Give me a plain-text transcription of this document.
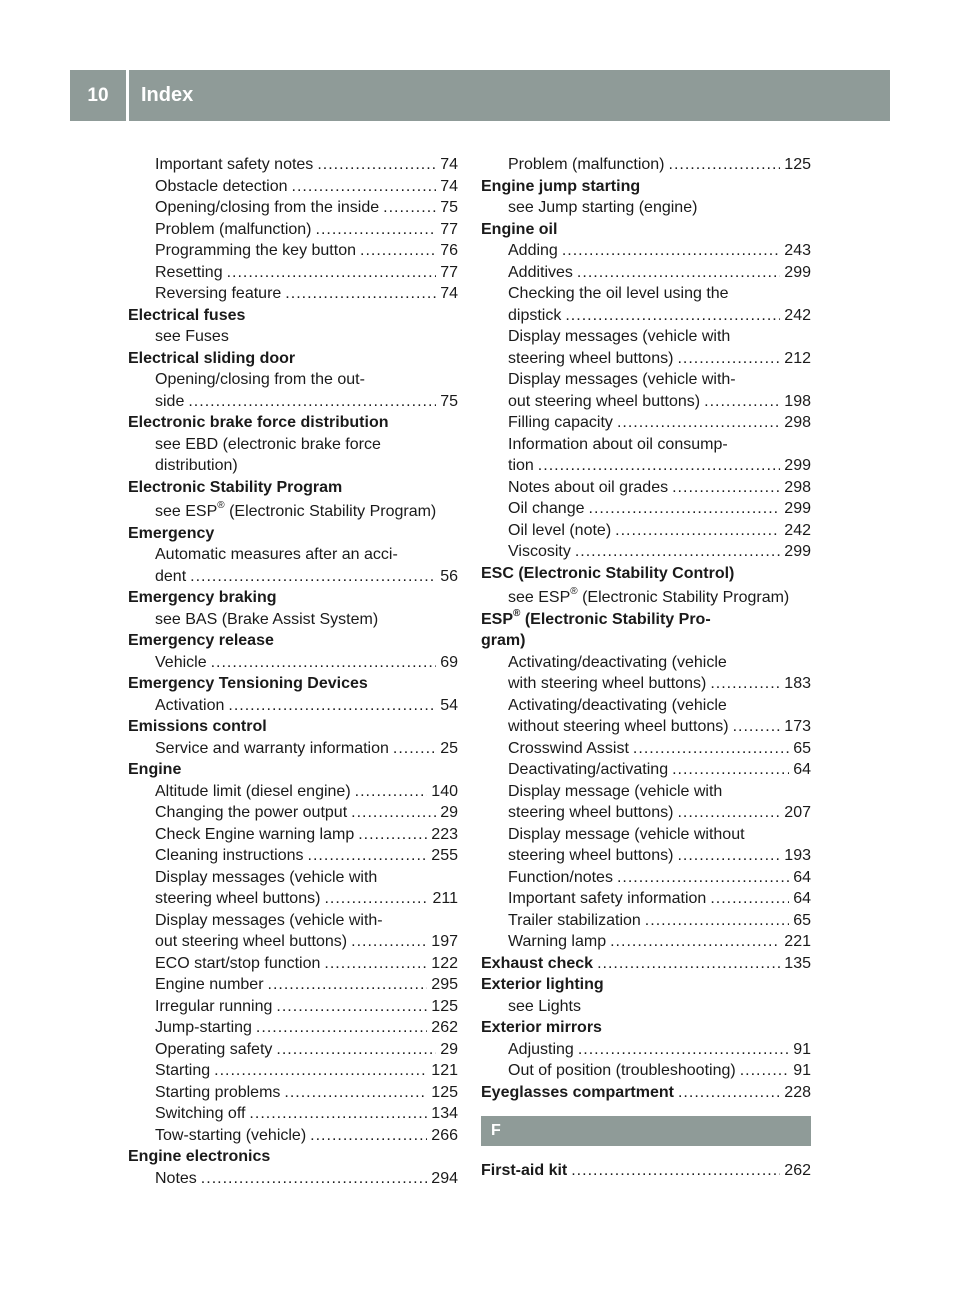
10	Index
Important safety notes .....	74
Obstacle detection .....	74
Opening/closing from the inside .....	75
Problem (malfunction) .....	77
Programming the key button .....	76
Resetting .....	77
Reversing feature .....	74
Electrical fuses
see Fuses
Electrical sliding door
Opening/closing from the out-
side .....	75
Electronic brake force distribution
see EBD (electronic brake force
distribution)
Electronic Stability Program
see ESP® (Electronic Stability Program)
Emergency
Automatic measures after an acci-
dent .....	56
Emergency braking
see BAS (Brake Assist System)
Emergency release
Vehicle .....	69
Emergency Tensioning Devices
Activation .....	54
Emissions control
Service and warranty information .....	25
Engine
Altitude limit (diesel engine) .....	140
Changing the power output .....	29
Check Engine warning lamp .....	223
Cleaning instructions .....	255
Display messages (vehicle with
steering wheel buttons) .....	211
Display messages (vehicle with-
out steering wheel buttons) .....	197
ECO start/stop function .....	122
Engine number .....	295
Irregular running .....	125
Jump-starting .....	262
Operating safety .....	29
Starting .....	121
Starting problems .....	125
Switching off .....	134
Tow-starting (vehicle) .....	266
Engine electronics
Notes .....	294
Problem (malfunction) .....	125
Engine jump starting
see Jump starting (engine)
Engine oil
Adding .....	243
Additives .....	299
Checking the oil level using the
dipstick .....	242
Display messages (vehicle with
steering wheel buttons) .....	212
Display messages (vehicle with-
out steering wheel buttons) .....	198
Filling capacity .....	298
Information about oil consump-
tion .....	299
Notes about oil grades .....	298
Oil change .....	299
Oil level (note) .....	242
Viscosity .....	299
ESC (Electronic Stability Control)
see ESP® (Electronic Stability Program)
ESP® (Electronic Stability Pro-
gram)
Activating/deactivating (vehicle
with steering wheel buttons) .....	183
Activating/deactivating (vehicle
without steering wheel buttons) .....	173
Crosswind Assist .....	65
Deactivating/activating .....	64
Display message (vehicle with
steering wheel buttons) .....	207
Display message (vehicle without
steering wheel buttons) .....	193
Function/notes .....	64
Important safety information .....	64
Trailer stabilization .....	65
Warning lamp .....	221
Exhaust check .....	135
Exterior lighting
see Lights
Exterior mirrors
Adjusting .....	91
Out of position (troubleshooting) .....	91
Eyeglasses compartment .....	228
F
First-aid kit .....	262
